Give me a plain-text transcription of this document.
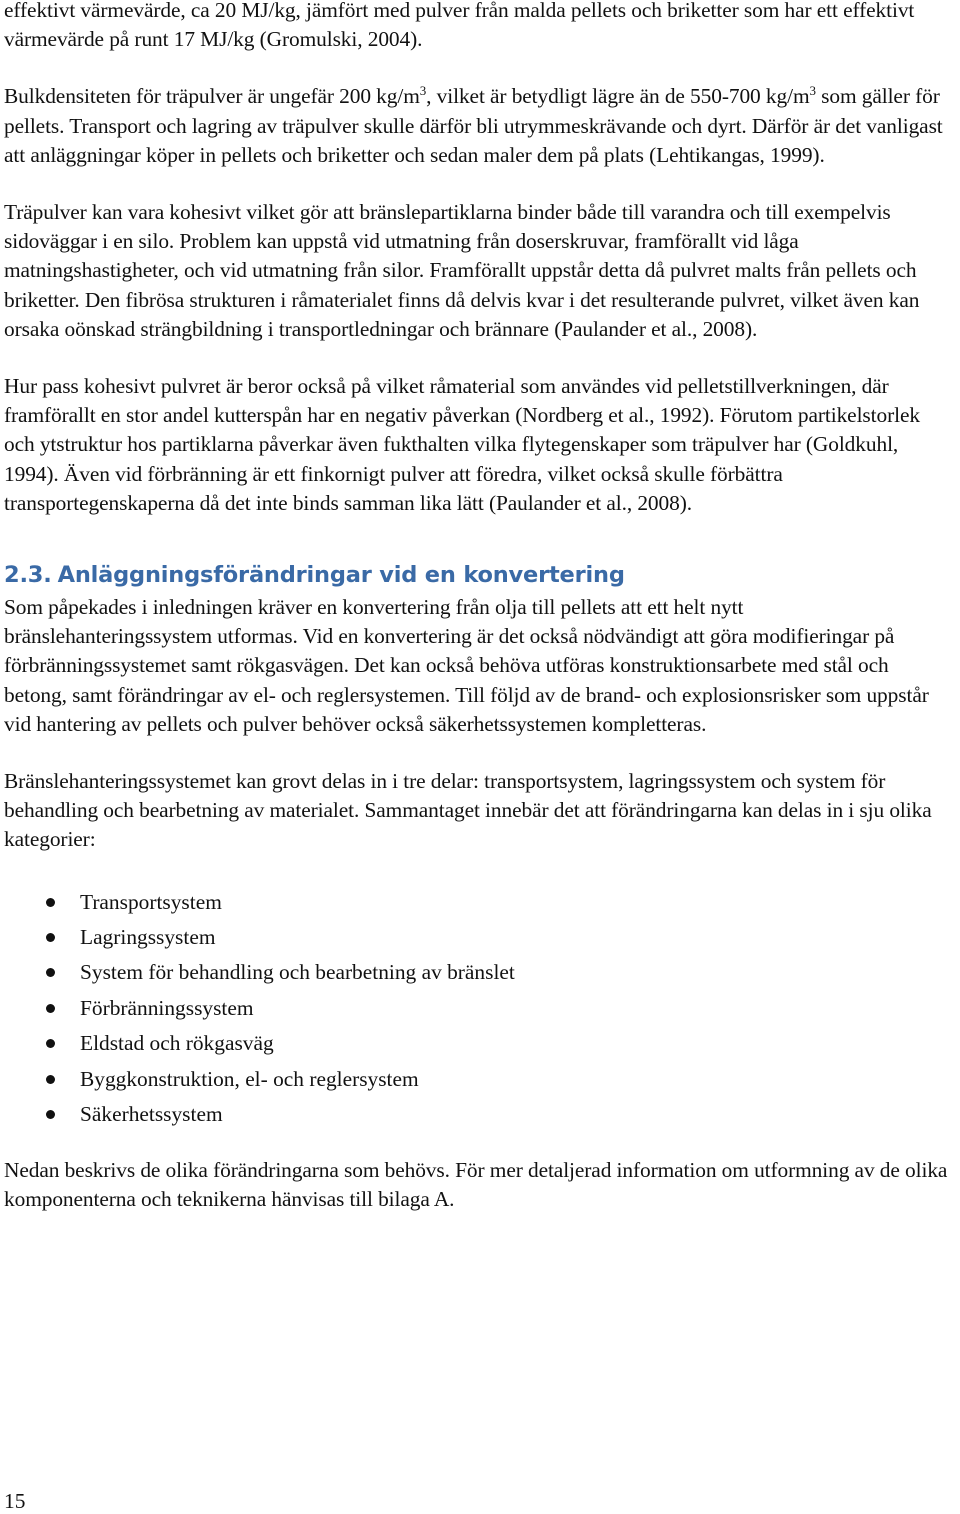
effektivt värmevärde, ca 20 MJ/kg, jämfört med pulver från malda pellets och briketter som har ett effektivt värmevärde på runt 17 MJ/kg (Gromulski, 2004).

Bulkdensiteten för träpulver är ungefär 200 $kg/m^3$, vilket är betydligt lägre än de 550-700 $kg/m^3$ som gäller för pellets. Transport och lagring av träpulver skulle därför bli utrymmeskrävande och dyrt. Därför är det vanligast att anläggningar köper in pellets och briketter och sedan maler dem på plats (Lehtikangas, 1999).

Träpulver kan vara kohesivt vilket gör att bränslepartiklarna binder både till varandra och till exempelvis sidoväggar i en silo. Problem kan uppstå vid utmatning från doserskruvar, framförallt vid låga matningshastigheter, och vid utmatning från silor. Framförallt uppstår detta då pulvret malts från pellets och briketter. Den fibrösa strukturen i råmaterialet finns då delvis kvar i det resulterande pulvret, vilket även kan orsaka oönskad strängbildning i transportledningar och brännare (Paulander et al., 2008).

Hur pass kohesivt pulvret är beror också på vilket råmaterial som användes vid pelletstillverkningen, där framförallt en stor andel kutterspån har en negativ påverkan (Nordberg et al., 1992). Förutom partikelstorlek och ytstruktur hos partiklarna påverkar även fukthalten vilka flytegenskaper som träpulver har (Goldkuhl, 1994). Även vid förbränning är ett finkornigt pulver att föredra, vilket också skulle förbättra transportegenskaperna då det inte binds samman lika lätt (Paulander et al., 2008).

2.3. Anläggningsförändringar vid en konvertering

Som påpekades i inledningen kräver en konvertering från olja till pellets att ett helt nytt bränslehanteringssystem utformas. Vid en konvertering är det också nödvändigt att göra modifieringar på förbränningssystemet samt rökgasvägen. Det kan också behöva utföras konstruktionsarbete med stål och betong, samt förändringar av el- och reglersystemen. Till följd av de brand- och explosionsrisker som uppstår vid hantering av pellets och pulver behöver också säkerhetssystemen kompletteras.

Bränslehanteringssystemet kan grovt delas in i tre delar: transportsystem, lagringssystem och system för behandling och bearbetning av materialet. Sammantaget innebär det att förändringarna kan delas in i sju olika kategorier:

Transportsystem
Lagringssystem
System för behandling och bearbetning av bränslet
Förbränningssystem
Eldstad och rökgasväg
Byggkonstruktion, el- och reglersystem
Säkerhetssystem

Nedan beskrivs de olika förändringarna som behövs. För mer detaljerad information om utformning av de olika komponenterna och teknikerna hänvisas till bilaga A.

15
